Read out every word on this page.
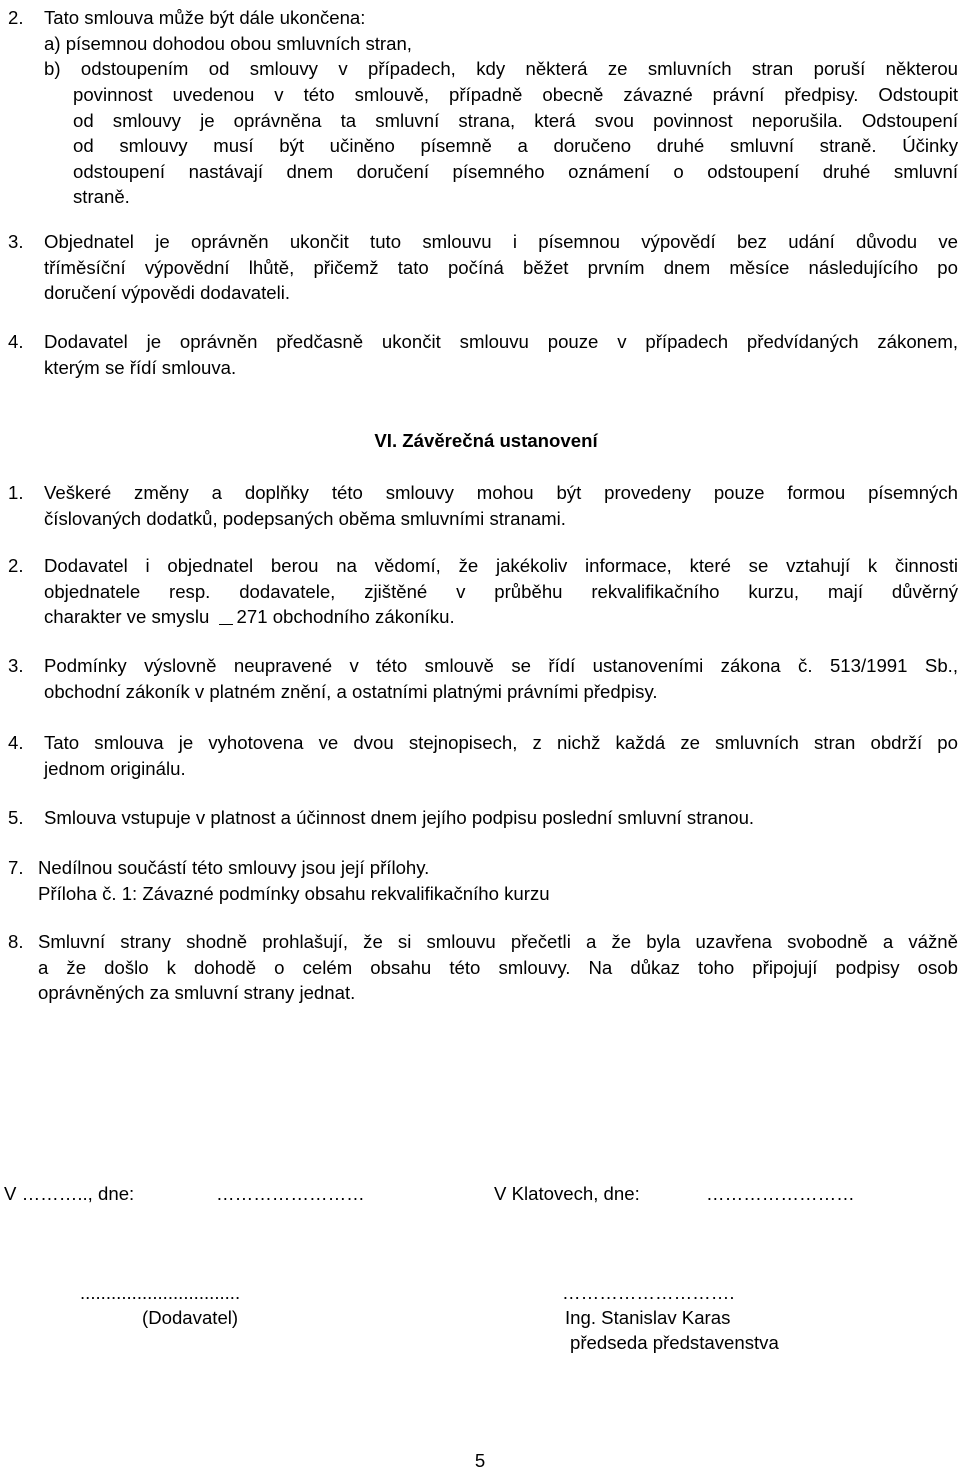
2. Tato smlouva může být dále ukončena:
a) písemnou dohodou obou smluvních stran,
b) odstoupením od smlouvy v případech, kdy některá ze smluvních stran poruší některou
povinnost uvedenou v této smlouvě, případně obecně závazné právní předpisy. Odstoupit
od smlouvy je oprávněna ta smluvní strana, která svou povinnost neporušila. Odstoupení
od smlouvy musí být učiněno písemně a doručeno druhé smluvní straně. Účinky
odstoupení nastávají dnem doručení písemného oznámení o odstoupení druhé smluvní
straně.
3. Objednatel je oprávněn ukončit tuto smlouvu i písemnou výpovědí bez udání důvodu ve
tříměsíční výpovědní lhůtě, přičemž tato počíná běžet prvním dnem měsíce následujícího po
doručení výpovědi dodavateli.
4. Dodavatel je oprávněn předčasně ukončit smlouvu pouze v případech předvídaných zákonem,
kterým se řídí smlouva.
VI. Závěrečná ustanovení
1. Veškeré změny a doplňky této smlouvy mohou být provedeny pouze formou písemných
číslovaných dodatků, podepsaných oběma smluvními stranami.
2. Dodavatel i objednatel berou na vědomí, že jakékoliv informace, které se vztahují k činnosti
objednatele resp. dodavatele, zjištěné v průběhu rekvalifikačního kurzu, mají důvěrný
charakter ve smyslu 271 obchodního zákoníku.
3. Podmínky výslovně neupravené v této smlouvě se řídí ustanoveními zákona č. 513/1991 Sb.,
obchodní zákoník v platném znění, a ostatními platnými právními předpisy.
4. Tato smlouva je vyhotovena ve dvou stejnopisech, z nichž každá ze smluvních stran obdrží po
jednom originálu.
5. Smlouva vstupuje v platnost a účinnost dnem jejího podpisu poslední smluvní stranou.
7. Nedílnou součástí této smlouvy jsou její přílohy.
Příloha č. 1: Závazné podmínky obsahu rekvalifikačního kurzu
8. Smluvní strany shodně prohlašují, že si smlouvu přečetli a že byla uzavřena svobodně a vážně
a že došlo k dohodě o celém obsahu této smlouvy. Na důkaz toho připojují podpisy osob
oprávněných za smluvní strany jednat.
V ……….., dne:	……………………	V Klatovech, dne:	……………………
...............................
(Dodavatel)
……………………….
Ing. Stanislav Karas
předseda představenstva
5
